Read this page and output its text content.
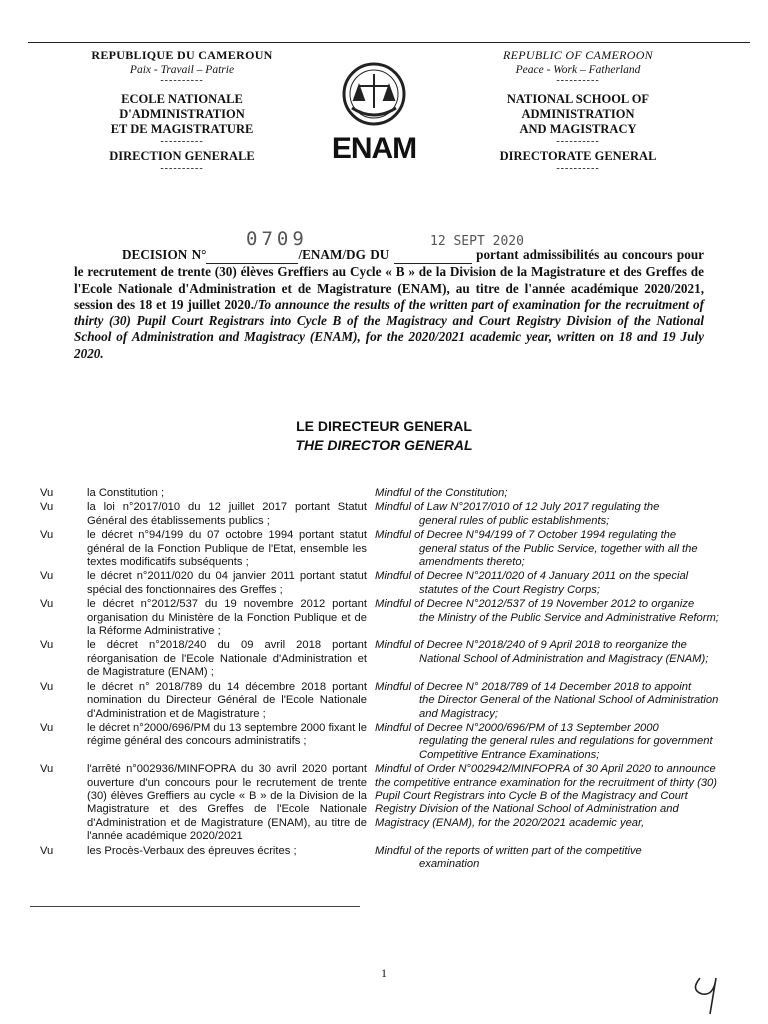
REPUBLIQUE DU CAMEROUN
Paix - Travail – Patrie
----------
ECOLE NATIONALE
D'ADMINISTRATION
ET DE MAGISTRATURE
----------
DIRECTION GENERALE
----------
REPUBLIC OF CAMEROON
Peace - Work – Fatherland
----------
NATIONAL SCHOOL OF
ADMINISTRATION
AND MAGISTRACY
----------
DIRECTORATE GENERAL
----------
ENAM
0709	12 SEPT 2020
DECISION N°	/ENAM/DG DU	portant admissibilités au concours pour le recrutement de trente (30) élèves Greffiers au Cycle « B » de la Division de la Magistrature et des Greffes de l'Ecole Nationale d'Administration et de Magistrature (ENAM), au titre de l'année académique 2020/2021, session des 18 et 19 juillet 2020./To announce the results of the written part of examination for the recruitment of thirty (30) Pupil Court Registrars into Cycle B of the Magistracy and Court Registry Division of the National School of Administration and Magistracy (ENAM), for the 2020/2021 academic year, written on 18 and 19 July 2020.
LE DIRECTEUR GENERAL
THE DIRECTOR GENERAL
Vu	la Constitution ;	Mindful of the Constitution;
Vu	la loi n°2017/010 du 12 juillet 2017 portant Statut Général des établissements publics ;
Mindful of Law N°2017/010 of 12 July 2017 regulating the
general rules of public establishments;
Vu	le décret n°94/199 du 07 octobre 1994 portant statut général de la Fonction Publique de l'Etat, ensemble les textes modificatifs subséquents ;
Mindful of Decree N°94/199 of 7 October 1994 regulating the
general status of the Public Service, together with all the amendments thereto;
Vu	le décret n°2011/020 du 04 janvier 2011 portant statut spécial des fonctionnaires des Greffes ;
Mindful of Decree N°2011/020 of 4 January 2011 on the special
statutes of the Court Registry Corps;
Vu	le décret n°2012/537 du 19 novembre 2012 portant organisation du Ministère de la Fonction Publique et de la Réforme Administrative ;
Mindful of Decree N°2012/537 of 19 November 2012 to organize
the Ministry of the Public Service and Administrative Reform;
Vu	le décret n°2018/240 du 09 avril 2018 portant réorganisation de l'Ecole Nationale d'Administration et de Magistrature (ENAM) ;
Mindful of Decree N°2018/240 of 9 April 2018 to reorganize the
National School of Administration and Magistracy (ENAM);
Vu	le décret n° 2018/789 du 14 décembre 2018 portant nomination du Directeur Général de l'Ecole Nationale d'Administration et de Magistrature ;
Mindful of Decree N° 2018/789 of 14 December 2018 to appoint
the Director General of the National School of Administration and Magistracy;
Vu	le décret n°2000/696/PM du 13 septembre 2000 fixant le régime général des concours administratifs ;
Mindful of Decree N°2000/696/PM of 13 September 2000
regulating the general rules and regulations for government Competitive Entrance Examinations;
Vu	l'arrêté n°002936/MINFOPRA du 30 avril 2020 portant ouverture d'un concours pour le recrutement de trente (30) élèves Greffiers au cycle « B » de la Division de la Magistrature et des Greffes de l'Ecole Nationale d'Administration et de Magistrature (ENAM), au titre de l'année académique 2020/2021
Mindful of Order N°002942/MINFOPRA of 30 April 2020 to announce the competitive entrance examination for the recruitment of thirty (30) Pupil Court Registrars into Cycle B of the Magistracy and Court Registry Division of the National School of Administration and Magistracy (ENAM), for the 2020/2021 academic year,
Vu	les Procès-Verbaux des épreuves écrites ;	Mindful of the reports of written part of the competitive
examination
1
